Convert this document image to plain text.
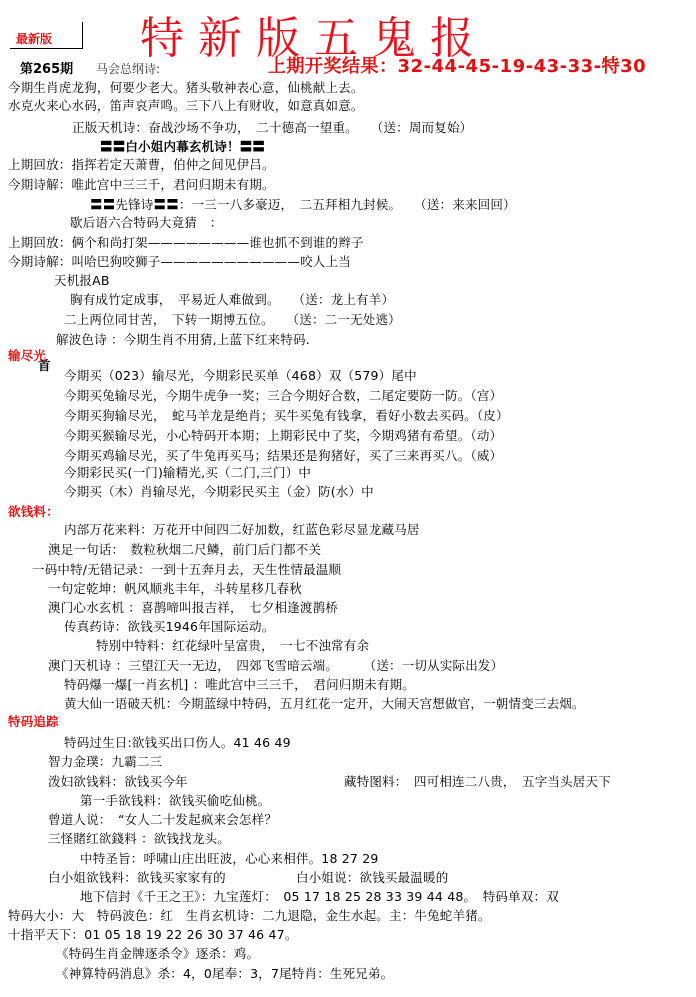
最新版 特新版五鬼报
第265期 马会总纲诗:	上期开奖结果：32-44-45-19-43-33-特30
今期生肖虎龙狗，何要少老大。猪头敬神表心意，仙桃献上去。
水克火来心水码，笛声哀声鸣。三下八上有财收，如意真如意。
正版天机诗：奋战沙场不争功，　二十德高一望重。　　（送：周而复始）
〓〓白小姐内幕玄机诗！〓〓
上期回放：指挥若定天萧曹，伯仲之间见伊吕。
今期诗解：唯此宫中三三千，君问归期未有期。
〓〓先锋诗〓〓：一三一八多豪迈，　二五拜相九封候。　　（送：来来回回）
歇后语六合特码大竟猜　：
上期回放：俩个和尚打架————————谁也抓不到谁的辫子
今期诗解：叫哈巴狗咬狮子———————————咬人上当
天机报AB
胸有成竹定成事，　平易近人难做到。　　（送：龙上有羊）
二上两位同甘苦，　下转一期博五位。　　（送：二一无处逃）
解波色诗 ：今期生肖不用猜,上蓝下红来特码.
输尽光
首
今期买（023）输尽光，今期彩民买单（468）双（579）尾中
今期买兔输尽光，今期牛虎争一奖；三合今期好合数，二尾定要防一防。（宫）
今期买狗输尽光，　蛇马羊龙是绝肖；买牛买兔有钱拿，看好小数去买码。（皮）
今期买猴输尽光，小心特码开本期；上期彩民中了奖，今期鸡猪有希望。（动）
今期买鸡输尽光，买了牛兔再买马；结果还是狗猪好，买了三来再买八。（威）
今期彩民买(一门)输精光,买（二门,三门）中
今期买（木）肖输尽光，今期彩民买主（金）防(水）中
欲钱料：
内部万花来料：万花开中间四二好加数，红蓝色彩尽显龙藏马居
澳足一句话：　数粒秋烟二尺鳞，前门后门都不关
一码中特/无错记录：一到十五奔月去，天生性情最温顺
一句定乾坤：帆风顺兆丰年，斗转星移几春秋
澳门心水玄机 ：喜鹊啼叫报吉祥，　七夕相逢渡鹊桥
传真药诗：欲钱买1946年国际运动。
特别中特料：红花绿叶呈富贵，　一七不浊常有余
澳门天机诗 ：三望江天一无边，　四郊飞雪暗云端。　　　（送：一切从实际出发）
特码爆一爆[一肖玄机] ：唯此宫中三三千，　君问归期未有期。
黄大仙一语破天机：今期蓝绿中特码，五月红花一定开，大闹天宫想做官，一朝情变三去烟。
特码追踪
特码过生日:欲钱买出口伤人。41 46 49
智力金璞：九霸二三
泼妇欲钱料：欲钱买今年	藏特图料：　四可相连二八贵，　五字当头居天下
第一手欲钱料：欲钱买偷吃仙桃。
曾道人说：　“女人二十发起疯来会怎样？
三怪賭红欲錢料 ：欲钱找龙头。
中特圣旨：呼啸山庄出旺波，心心来相伴。18 27 29
白小姐欲钱料：欲钱买家家有的	白小姐说：欲钱买最温暖的
地下信封《千王之王》：九宝莲灯：　05 17 18 25 28 33 39 44 48。　特码单双：双
特码大小：大　特码波色：红　生肖玄机诗：二九退隐，金生水起。主：牛兔蛇羊猪。
十指平天下：01 05 18 19 22 26 30 37 46 47。
《特码生肖金牌逐杀令》逐杀：鸡。
《神算特码消息》杀：4，0尾奉：3，7尾特肖：生死兄弟。
